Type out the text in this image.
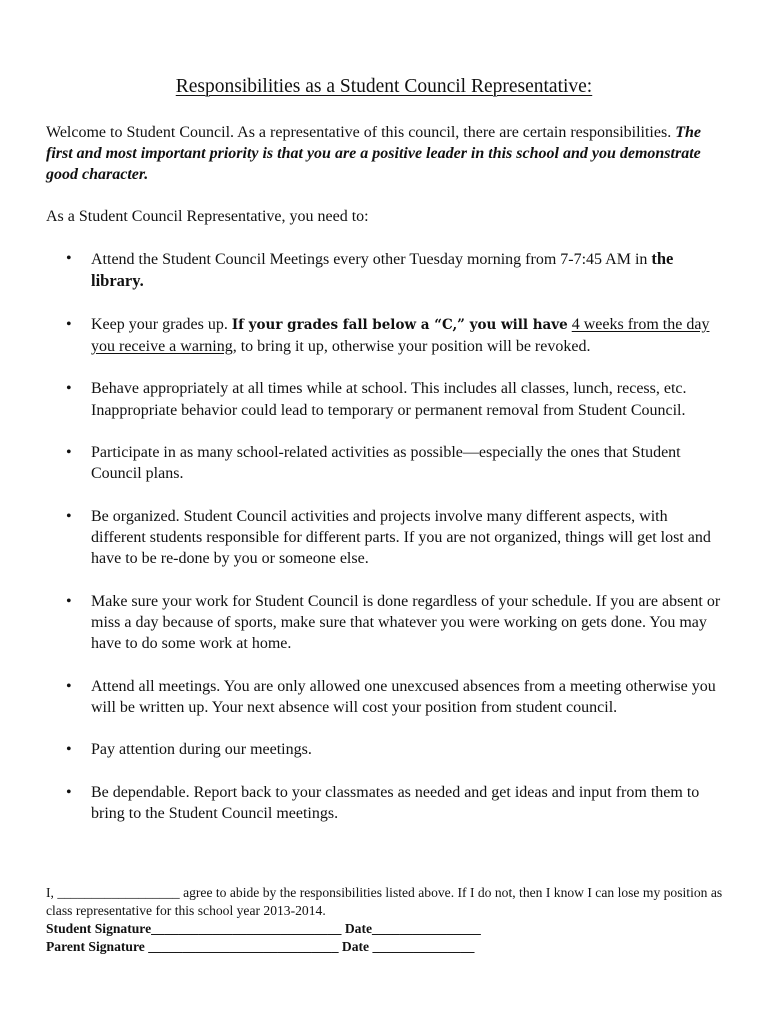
Responsibilities as a Student Council Representative:

Welcome to Student Council. As a representative of this council, there are certain responsibilities. The first and most important priority is that you are a positive leader in this school and you demonstrate good character.

As a Student Council Representative, you need to:

• Attend the Student Council Meetings every other Tuesday morning from 7-7:45 AM in the library.
• Keep your grades up. If your grades fall below a “C,” you will have 4 weeks from the day you receive a warning, to bring it up, otherwise your position will be revoked.
• Behave appropriately at all times while at school. This includes all classes, lunch, recess, etc. Inappropriate behavior could lead to temporary or permanent removal from Student Council.
• Participate in as many school-related activities as possible—especially the ones that Student Council plans.
• Be organized. Student Council activities and projects involve many different aspects, with different students responsible for different parts. If you are not organized, things will get lost and have to be re-done by you or someone else.
• Make sure your work for Student Council is done regardless of your schedule. If you are absent or miss a day because of sports, make sure that whatever you were working on gets done. You may have to do some work at home.
• Attend all meetings. You are only allowed one unexcused absences from a meeting otherwise you will be written up. Your next absence will cost your position from student council.
• Pay attention during our meetings.
• Be dependable. Report back to your classmates as needed and get ideas and input from them to bring to the Student Council meetings.
I, __________________ agree to abide by the responsibilities listed above. If I do not, then I know I can lose my position as class representative for this school year 2013-2014.
Student Signature____________________________ Date________________
Parent Signature ____________________________ Date _______________
